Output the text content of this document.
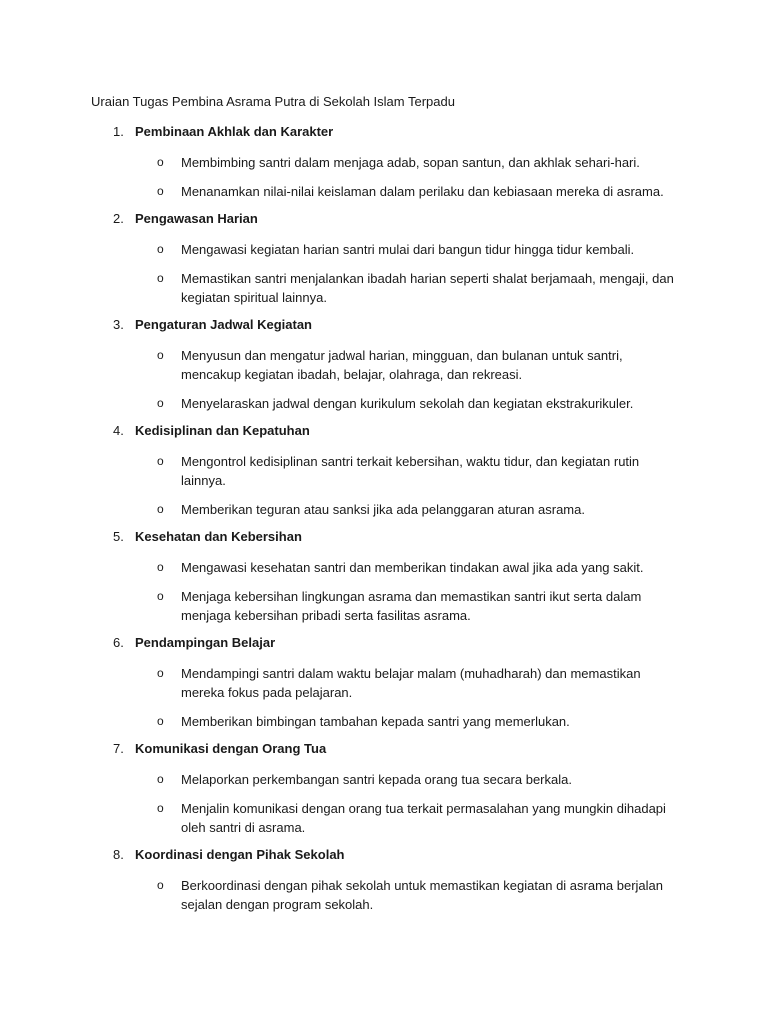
Uraian Tugas Pembina Asrama Putra di Sekolah Islam Terpadu
1. Pembinaan Akhlak dan Karakter
o Membimbing santri dalam menjaga adab, sopan santun, dan akhlak sehari-hari.
o Menanamkan nilai-nilai keislaman dalam perilaku dan kebiasaan mereka di asrama.
2. Pengawasan Harian
o Mengawasi kegiatan harian santri mulai dari bangun tidur hingga tidur kembali.
o Memastikan santri menjalankan ibadah harian seperti shalat berjamaah, mengaji, dan kegiatan spiritual lainnya.
3. Pengaturan Jadwal Kegiatan
o Menyusun dan mengatur jadwal harian, mingguan, dan bulanan untuk santri, mencakup kegiatan ibadah, belajar, olahraga, dan rekreasi.
o Menyelaraskan jadwal dengan kurikulum sekolah dan kegiatan ekstrakurikuler.
4. Kedisiplinan dan Kepatuhan
o Mengontrol kedisiplinan santri terkait kebersihan, waktu tidur, dan kegiatan rutin lainnya.
o Memberikan teguran atau sanksi jika ada pelanggaran aturan asrama.
5. Kesehatan dan Kebersihan
o Mengawasi kesehatan santri dan memberikan tindakan awal jika ada yang sakit.
o Menjaga kebersihan lingkungan asrama dan memastikan santri ikut serta dalam menjaga kebersihan pribadi serta fasilitas asrama.
6. Pendampingan Belajar
o Mendampingi santri dalam waktu belajar malam (muhadharah) dan memastikan mereka fokus pada pelajaran.
o Memberikan bimbingan tambahan kepada santri yang memerlukan.
7. Komunikasi dengan Orang Tua
o Melaporkan perkembangan santri kepada orang tua secara berkala.
o Menjalin komunikasi dengan orang tua terkait permasalahan yang mungkin dihadapi oleh santri di asrama.
8. Koordinasi dengan Pihak Sekolah
o Berkoordinasi dengan pihak sekolah untuk memastikan kegiatan di asrama berjalan sejalan dengan program sekolah.
